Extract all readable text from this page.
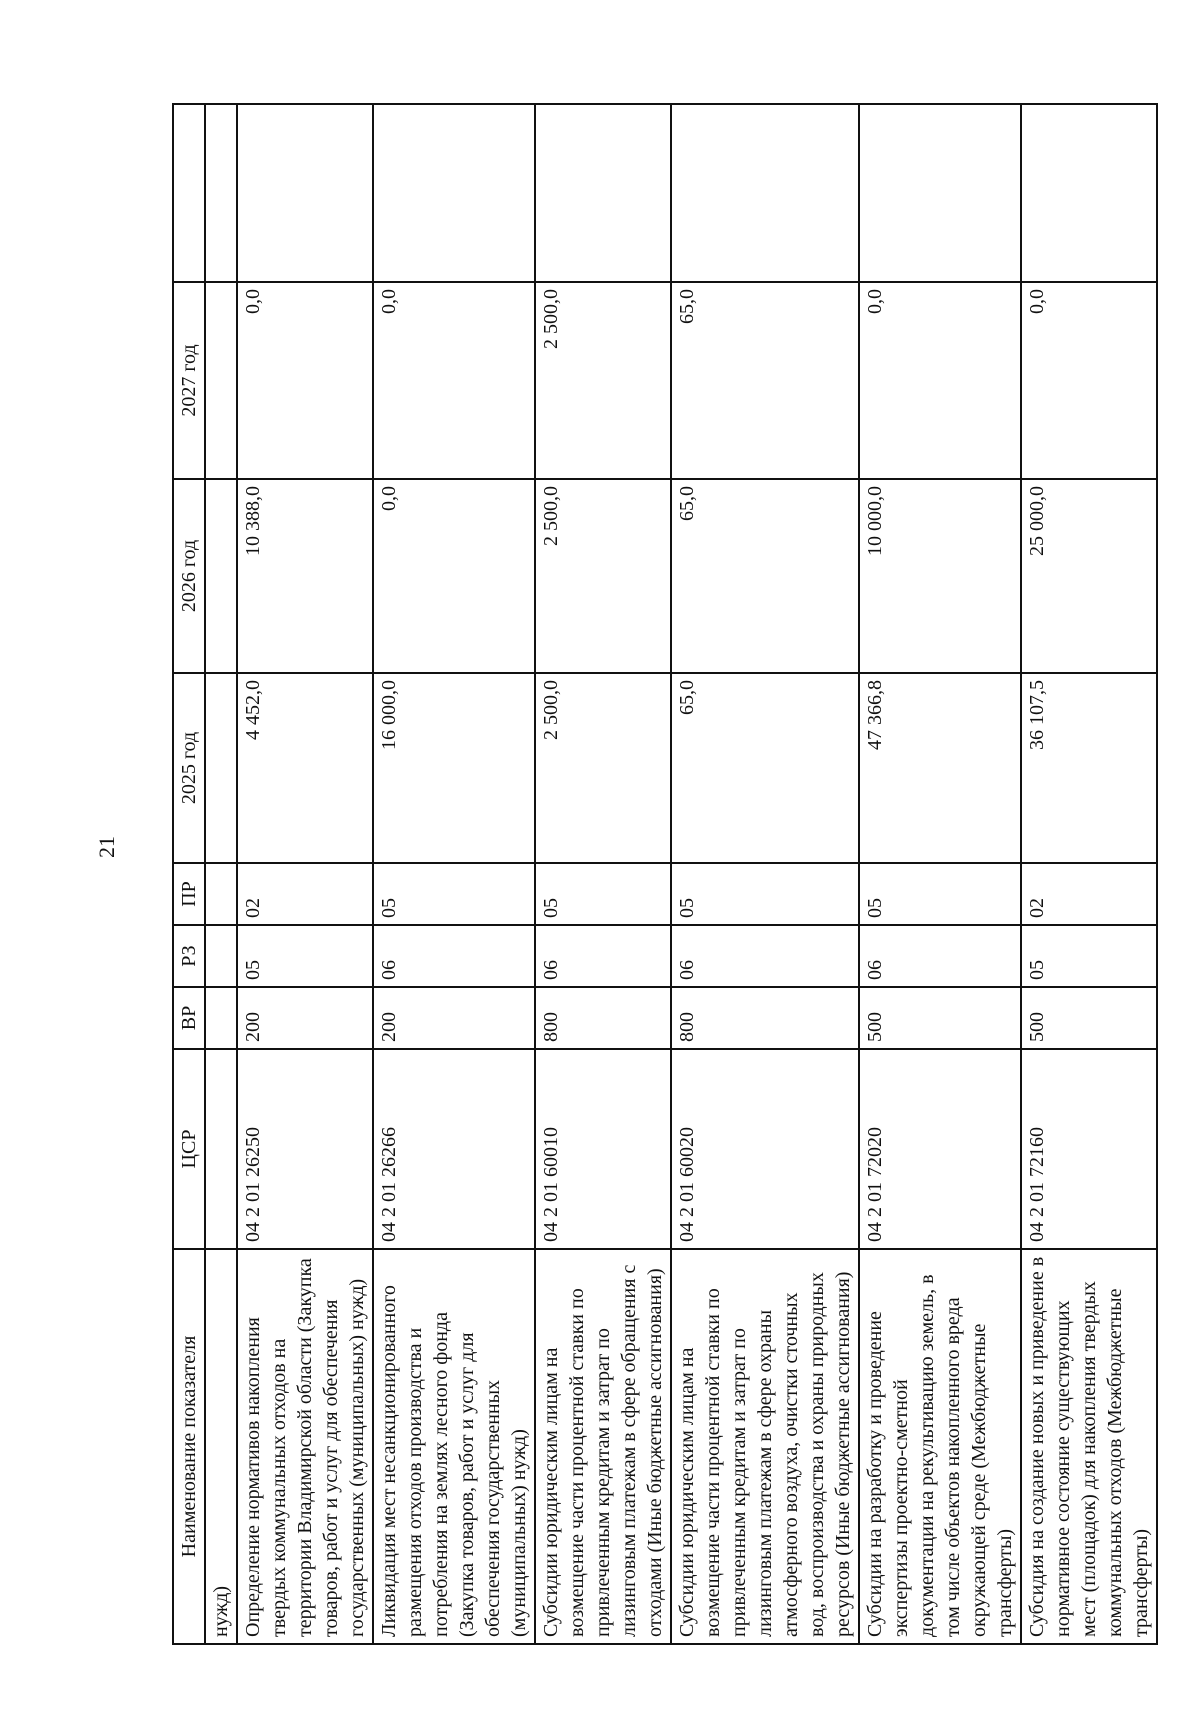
21
Наименование показателя	ЦСР	ВР	РЗ	ПР	2025 год	2026 год	2027 год	
нужд)								
Определение нормативов накопления твердых коммунальных отходов на территории Владимирской области (Закупка товаров, работ и услуг для обеспечения государственных (муниципальных) нужд)	04 2 01 26250	200	05	02	4 452,0	10 388,0	0,0	
Ликвидация мест несанкционированного размещения отходов производства и потребления на землях лесного фонда (Закупка товаров, работ и услуг для обеспечения государственных (муниципальных) нужд)	04 2 01 26266	200	06	05	16 000,0	0,0	0,0	
Субсидии юридическим лицам на возмещение части процентной ставки по привлеченным кредитам и затрат по лизинговым платежам в сфере обращения с отходами (Иные бюджетные ассигнования)	04 2 01 60010	800	06	05	2 500,0	2 500,0	2 500,0	
Субсидии юридическим лицам на возмещение части процентной ставки по привлеченным кредитам и затрат по лизинговым платежам в сфере охраны атмосферного воздуха, очистки сточных вод, воспроизводства и охраны природных ресурсов (Иные бюджетные ассигнования)	04 2 01 60020	800	06	05	65,0	65,0	65,0	
Субсидии на разработку и проведение экспертизы проектно-сметной документации на рекультивацию земель, в том числе объектов накопленного вреда окружающей среде (Межбюджетные трансферты)	04 2 01 72020	500	06	05	47 366,8	10 000,0	0,0	
Субсидия на создание новых и приведение в нормативное состояние существующих мест (площадок) для накопления твердых коммунальных отходов (Межбюджетные трансферты)	04 2 01 72160	500	05	02	36 107,5	25 000,0	0,0	
